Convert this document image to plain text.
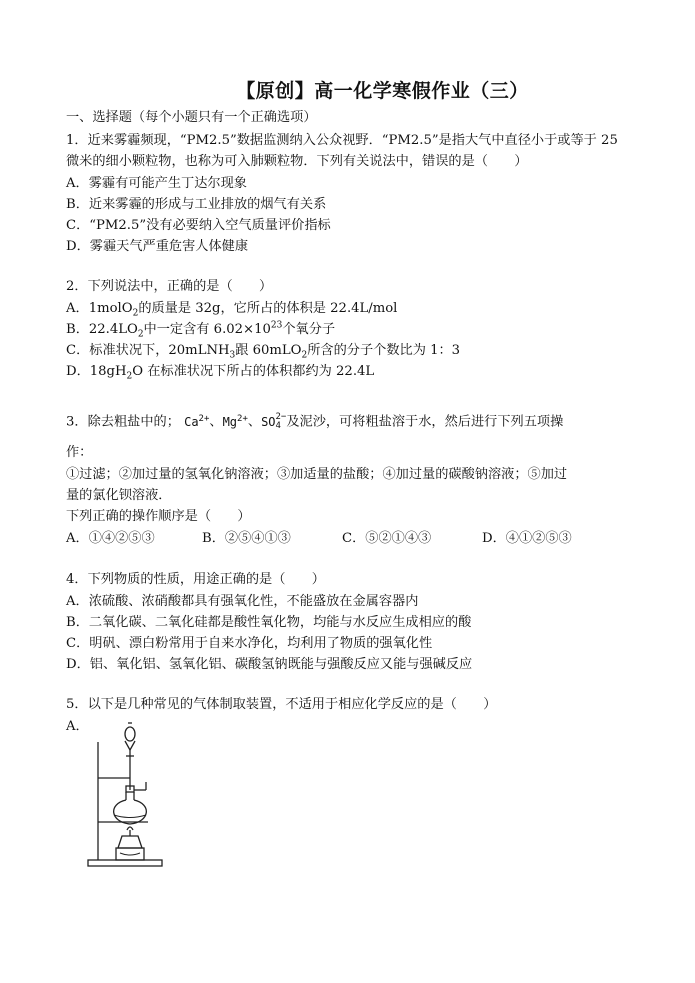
【原创】高一化学寒假作业（三）
一、选择题（每个小题只有一个正确选项）
1．近来雾霾频现，“PM2.5”数据监测纳入公众视野．“PM2.5”是指大气中直径小于或等于 25
微米的细小颗粒物，也称为可入肺颗粒物．下列有关说法中，错误的是（　　）
A．雾霾有可能产生丁达尔现象
B．近来雾霾的形成与工业排放的烟气有关系
C．“PM2.5”没有必要纳入空气质量评价指标
D．雾霾天气严重危害人体健康
2．下列说法中，正确的是（　　）
A．1molO$_2$的质量是 32g，它所占的体积是 22.4L/mol
B．$22.4LO_2$中一定含有 $6.02\times 10^{23}$个氧分子
C．标准状况下，20mLNH$_3$跟 60mLO$_2$所含的分子个数比为 1：3
D．$18gH_2O$ 在标准状况下所占的体积都约为 22.4L
3．除去粗盐中的； $Ca^{2+}$、$Mg^{2+}$、SO 2−
4 及泥沙，可将粗盐溶于水，然后进行下列五项操
作：
①过滤；②加过量的氢氧化钠溶液；③加适量的盐酸；④加过量的碳酸钠溶液；⑤加过
量的氯化钡溶液．
下列正确的操作顺序是（　　）
A．①④②⑤③	B．②⑤④①③	C．⑤②①④③	D．④①②⑤③
4．下列物质的性质，用途正确的是（　　）
A．浓硫酸、浓硝酸都具有强氧化性，不能盛放在金属容器内
B．二氧化碳、二氧化硅都是酸性氧化物，均能与水反应生成相应的酸
C．明矾、漂白粉常用于自来水净化，均利用了物质的强氧化性
D．铝、氧化铝、氢氧化铝、碳酸氢钠既能与强酸反应又能与强碱反应
5．以下是几种常见的气体制取装置，不适用于相应化学反应的是（　　）
A．
